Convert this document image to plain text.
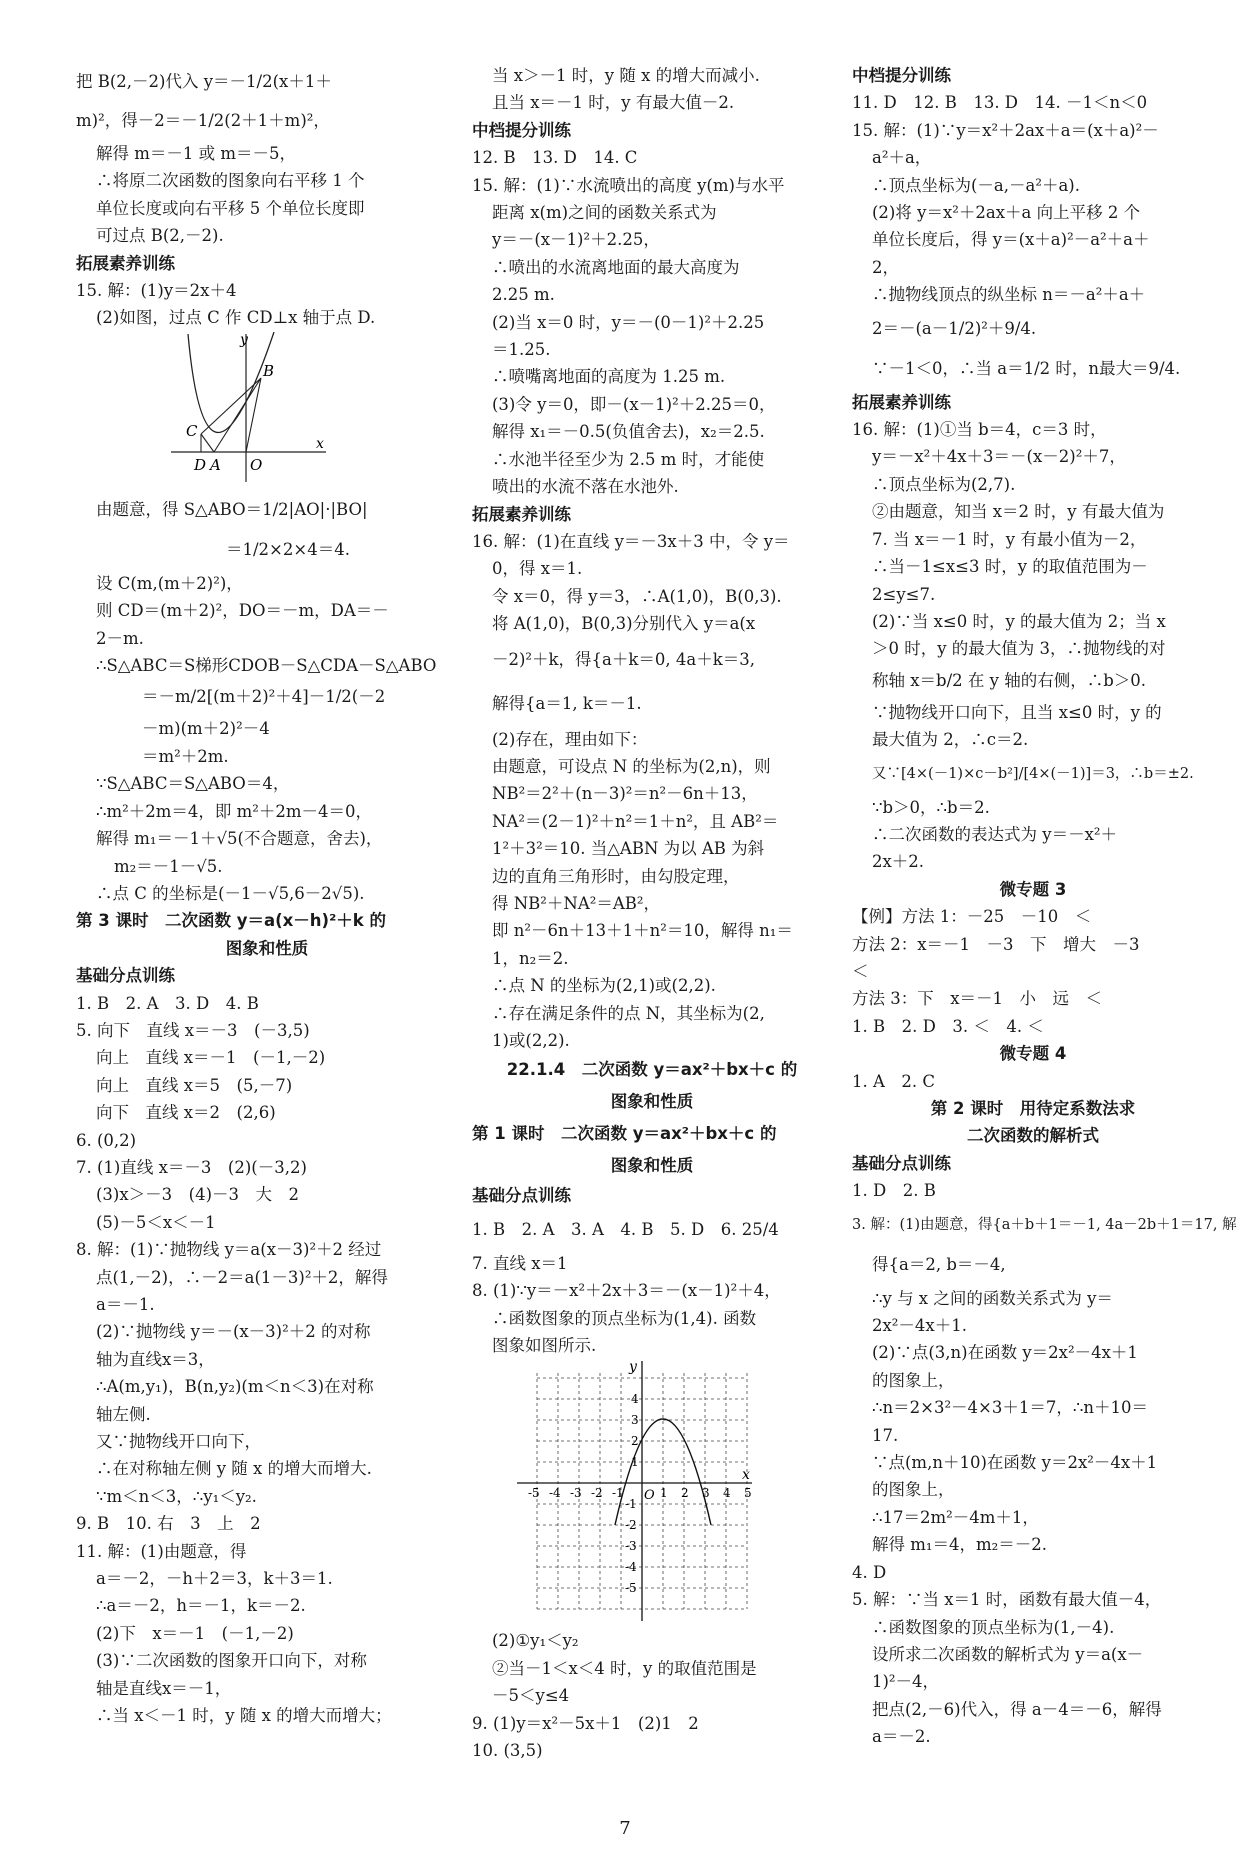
把 B(2,－2)代入 y＝－1/2(x＋1＋
m)²，得－2＝－1/2(2＋1＋m)²，
解得 m＝－1 或 m＝－5，
∴将原二次函数的图象向右平移 1 个
单位长度或向右平移 5 个单位长度即
可过点 B(2,－2).
拓展素养训练
15. 解：(1)y＝2x＋4
(2)如图，过点 C 作 CD⊥x 轴于点 D.
y
x
B
C
D A O
由题意，得 S△ABO＝1/2|AO|·|BO|
＝1/2×2×4＝4.
设 C(m,(m＋2)²)，
则 CD＝(m＋2)²，DO＝－m，DA＝－
2－m.
∴S△ABC＝S梯形CDOB－S△CDA－S△ABO
＝－m/2[(m＋2)²＋4]－1/2(－2
－m)(m＋2)²－4
＝m²＋2m.
∵S△ABC＝S△ABO＝4，
∴m²＋2m＝4，即 m²＋2m－4＝0，
解得 m₁＝－1＋√5(不合题意，舍去)，
m₂＝－1－√5.
∴点 C 的坐标是(－1－√5,6－2√5).
第 3 课时　二次函数 y＝a(x－h)²＋k 的
图象和性质
基础分点训练
1. B　2. A　3. D　4. B
5. 向下　直线 x＝－3　(－3,5)
向上　直线 x＝－1　(－1,－2)
向上　直线 x＝5　(5,－7)
向下　直线 x＝2　(2,6)
6. (0,2)
7. (1)直线 x＝－3　(2)(－3,2)
(3)x＞－3　(4)－3　大　2
(5)－5＜x＜－1
8. 解：(1)∵抛物线 y＝a(x－3)²＋2 经过
点(1,－2)，∴－2＝a(1－3)²＋2，解得
a＝－1.
(2)∵抛物线 y＝－(x－3)²＋2 的对称
轴为直线x＝3，
∴A(m,y₁)，B(n,y₂)(m＜n＜3)在对称
轴左侧.
又∵抛物线开口向下，
∴在对称轴左侧 y 随 x 的增大而增大.
∵m＜n＜3，∴y₁＜y₂.
9. B　10. 右　3　上　2
11. 解：(1)由题意，得
a＝－2，－h＋2＝3，k＋3＝1.
∴a＝－2，h＝－1，k＝－2.
(2)下　x＝－1　(－1,－2)
(3)∵二次函数的图象开口向下，对称
轴是直线x＝－1，
∴当 x＜－1 时，y 随 x 的增大而增大；
当 x＞－1 时，y 随 x 的增大而减小.
且当 x＝－1 时，y 有最大值－2.
中档提分训练
12. B　13. D　14. C
15. 解：(1)∵水流喷出的高度 y(m)与水平
距离 x(m)之间的函数关系式为
y＝－(x－1)²＋2.25，
∴喷出的水流离地面的最大高度为
2.25 m.
(2)当 x＝0 时，y＝－(0－1)²＋2.25
＝1.25.
∴喷嘴离地面的高度为 1.25 m.
(3)令 y＝0，即－(x－1)²＋2.25＝0，
解得 x₁＝－0.5(负值舍去)，x₂＝2.5.
∴水池半径至少为 2.5 m 时，才能使
喷出的水流不落在水池外.
拓展素养训练
16. 解：(1)在直线 y＝－3x＋3 中，令 y＝
0，得 x＝1.
令 x＝0，得 y＝3，∴A(1,0)，B(0,3).
将 A(1,0)，B(0,3)分别代入 y＝a(x
－2)²＋k，得{a＋k＝0, 4a＋k＝3,
解得{a＝1, k＝－1.
(2)存在，理由如下：
由题意，可设点 N 的坐标为(2,n)，则
NB²＝2²＋(n－3)²＝n²－6n＋13，
NA²＝(2－1)²＋n²＝1＋n²，且 AB²＝
1²＋3²＝10. 当△ABN 为以 AB 为斜
边的直角三角形时，由勾股定理，
得 NB²＋NA²＝AB²，
即 n²－6n＋13＋1＋n²＝10，解得 n₁＝
1，n₂＝2.
∴点 N 的坐标为(2,1)或(2,2).
∴存在满足条件的点 N，其坐标为(2,
1)或(2,2).
22.1.4　二次函数 y＝ax²＋bx＋c 的
图象和性质
第 1 课时　二次函数 y＝ax²＋bx＋c 的
图象和性质
基础分点训练
1. B　2. A　3. A　4. B　5. D　6. 25/4
7. 直线 x＝1
8. (1)∵y＝－x²＋2x＋3＝－(x－1)²＋4，
∴函数图象的顶点坐标为(1,4). 函数
图象如图所示.
y
x
O
-5 -4 -3 -2 -1	1 2 3 4 5
4
3
2
1
-1
-2
-3
-4
-5
(2)①y₁＜y₂
②当－1＜x＜4 时，y 的取值范围是
－5＜y≤4
9. (1)y＝x²－5x＋1　(2)1　2
10. (3,5)
中档提分训练
11. D　12. B　13. D　14. －1＜n＜0
15. 解：(1)∵y＝x²＋2ax＋a＝(x＋a)²－
a²＋a，
∴顶点坐标为(－a,－a²＋a).
(2)将 y＝x²＋2ax＋a 向上平移 2 个
单位长度后，得 y＝(x＋a)²－a²＋a＋
2，
∴抛物线顶点的纵坐标 n＝－a²＋a＋
2＝－(a－1/2)²＋9/4.
∵－1＜0，∴当 a＝1/2 时，n最大＝9/4.
拓展素养训练
16. 解：(1)①当 b＝4，c＝3 时，
y＝－x²＋4x＋3＝－(x－2)²＋7，
∴顶点坐标为(2,7).
②由题意，知当 x＝2 时，y 有最大值为
7. 当 x＝－1 时，y 有最小值为－2，
∴当－1≤x≤3 时，y 的取值范围为－
2≤y≤7.
(2)∵当 x≤0 时，y 的最大值为 2；当 x
＞0 时，y 的最大值为 3，∴抛物线的对
称轴 x＝b/2 在 y 轴的右侧，∴b＞0.
∵抛物线开口向下，且当 x≤0 时，y 的
最大值为 2，∴c＝2.
又∵[4×(－1)×c－b²]/[4×(－1)]＝3，∴b＝±2.
∵b＞0，∴b＝2.
∴二次函数的表达式为 y＝－x²＋
2x＋2.
微专题 3
【例】方法 1：－25　－10　＜
方法 2：x＝－1　－3　下　增大　－3
＜
方法 3：下　x＝－1　小　远　＜
1. B　2. D　3. ＜　4. ＜
微专题 4
1. A　2. C
第 2 课时　用待定系数法求
二次函数的解析式
基础分点训练
1. D　2. B
3. 解：(1)由题意，得{a＋b＋1＝－1, 4a－2b＋1＝17, 解
得{a＝2, b＝－4,
∴y 与 x 之间的函数关系式为 y＝
2x²－4x＋1.
(2)∵点(3,n)在函数 y＝2x²－4x＋1
的图象上，
∴n＝2×3²－4×3＋1＝7，∴n＋10＝
17.
∵点(m,n＋10)在函数 y＝2x²－4x＋1
的图象上，
∴17＝2m²－4m＋1，
解得 m₁＝4，m₂＝－2.
4. D
5. 解：∵当 x＝1 时，函数有最大值－4，
∴函数图象的顶点坐标为(1,－4).
设所求二次函数的解析式为 y＝a(x－
1)²－4，
把点(2,－6)代入，得 a－4＝－6，解得
a＝－2.
7
